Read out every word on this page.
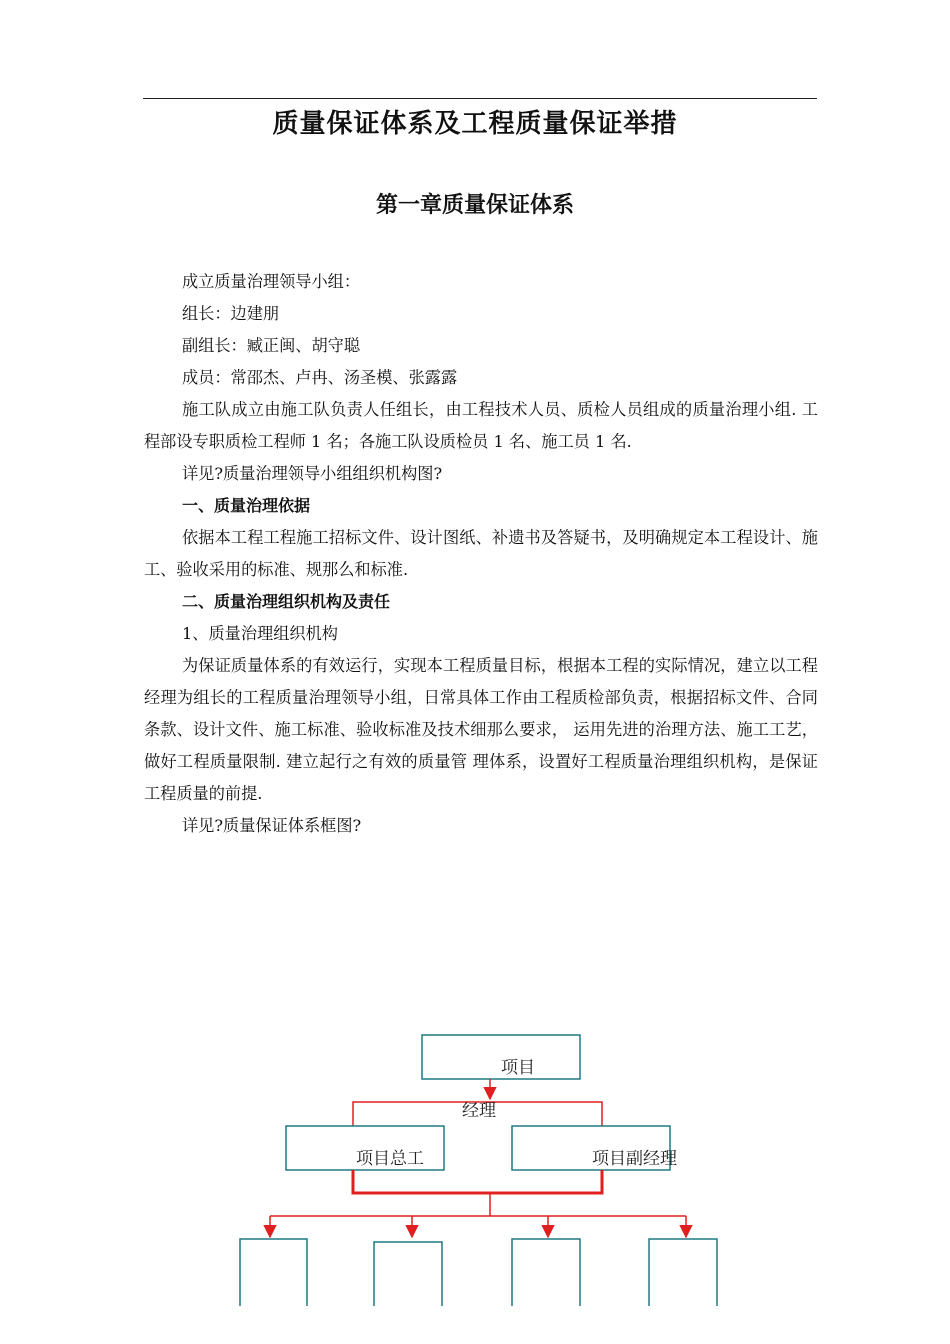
质量保证体系及工程质量保证举措
第一章质量保证体系

成立质量治理领导小组：

组长：边建朋

副组长：臧正闽、胡守聪

成员：常邵杰、卢冉、汤圣模、张露露

施工队成立由施工队负责人任组长，由工程技术人员、质检人员组成的质量治理小组. 工程部设专职质检工程师 1 名；各施工队设质检员 1 名、施工员 1 名.

详见?质量治理领导小组组织机构图?

一、质量治理依据

依据本工程工程施工招标文件、设计图纸、补遗书及答疑书，及明确规定本工程设计、施工、验收采用的标准、规那么和标准.

二、质量治理组织机构及责任

1、质量治理组织机构

为保证质量体系的有效运行，实现本工程质量目标，根据本工程的实际情况，建立以工程经理为组长的工程质量治理领导小组，日常具体工作由工程质检部负责，根据招标文件、合同条款、设计文件、施工标准、验收标准及技术细那么要求， 运用先进的治理方法、施工工艺，做好工程质量限制. 建立起行之有效的质量管 理体系，设置好工程质量治理组织机构，是保证工程质量的前提.

详见?质量保证体系框图?

项目
经理
项目总工	项目副经理
